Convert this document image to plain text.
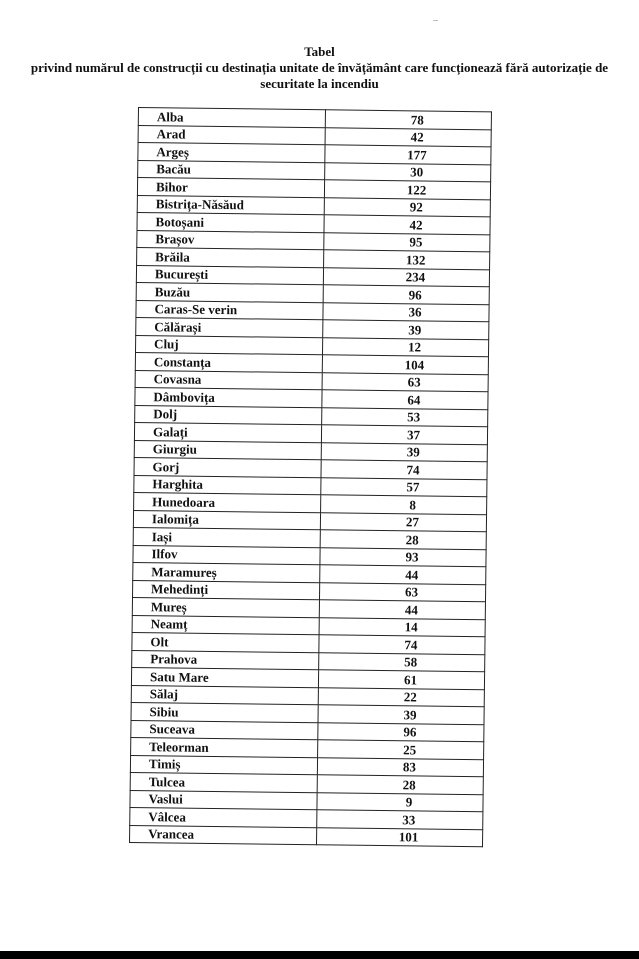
Tabel
privind numărul de construcții cu destinația unitate de învățământ care funcționează fără autorizație de
securitate la incendiu
Alba	78
Arad	42
Argeș	177
Bacău	30
Bihor	122
Bistrița-Năsăud	92
Botoșani	42
Brașov	95
Brăila	132
București	234
Buzău	96
Caras-Se verin	36
Călărași	39
Cluj	12
Constanța	104
Covasna	63
Dâmbovița	64
Dolj	53
Galați	37
Giurgiu	39
Gorj	74
Harghita	57
Hunedoara	8
Ialomița	27
Iași	28
Ilfov	93
Maramureș	44
Mehedinți	63
Mureș	44
Neamț	14
Olt	74
Prahova	58
Satu Mare	61
Sălaj	22
Sibiu	39
Suceava	96
Teleorman	25
Timiș	83
Tulcea	28
Vaslui	9
Vâlcea	33
Vrancea	101
